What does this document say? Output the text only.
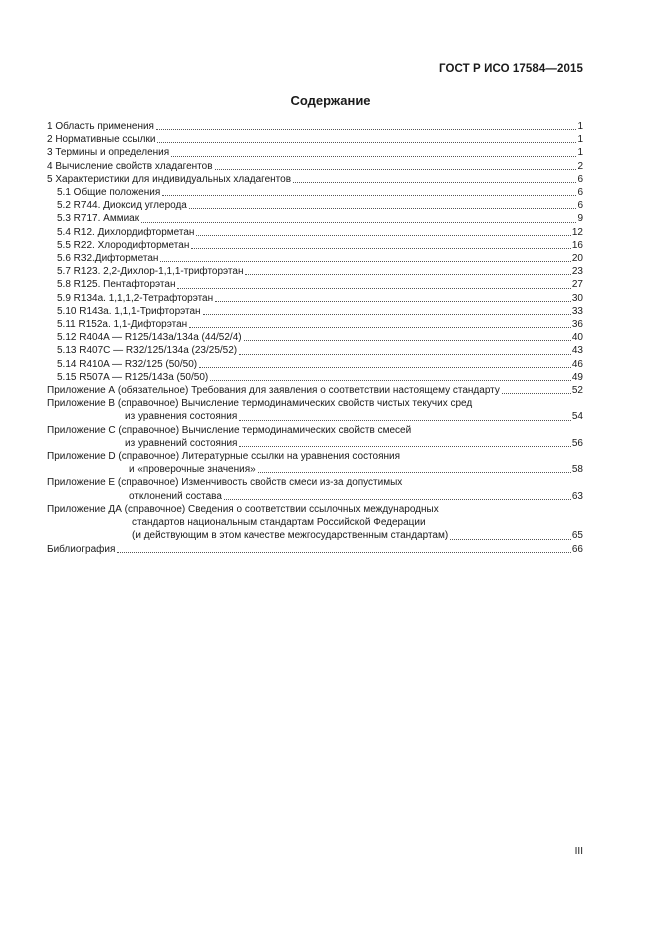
ГОСТ Р ИСО 17584—2015
Содержание
1 Область применения	1
2 Нормативные ссылки	1
3 Термины и определения	1
4 Вычисление свойств хладагентов	2
5 Характеристики для индивидуальных хладагентов	6
5.1 Общие положения	6
5.2 R744. Диоксид углерода	6
5.3 R717. Аммиак	9
5.4 R12. Дихлордифторметан	12
5.5 R22. Хлородифторметан	16
5.6 R32.Дифторметан	20
5.7 R123. 2,2-Дихлор-1,1,1-трифторэтан	23
5.8 R125. Пентафторэтан	27
5.9 R134a. 1,1,1,2-Тетрафторэтан	30
5.10 R143a. 1,1,1-Трифторэтан	33
5.11 R152a. 1,1-Дифторэтан	36
5.12 R404A — R125/143a/134a (44/52/4)	40
5.13 R407C — R32/125/134a (23/25/52)	43
5.14 R410A — R32/125 (50/50)	46
5.15 R507A — R125/143a (50/50)	49
Приложение А (обязательное) Требования для заявления о соответствии настоящему стандарту	52
Приложение В (справочное) Вычисление термодинамических свойств чистых текучих сред
из уравнения состояния	54
Приложение С (справочное) Вычисление термодинамических свойств смесей
из уравнений состояния	56
Приложение D (справочное) Литературные ссылки на уравнения состояния
и «проверочные значения»	58
Приложение Е (справочное) Изменчивость свойств смеси из-за допустимых
отклонений состава	63
Приложение ДА (справочное) Сведения о соответствии ссылочных международных
стандартов национальным стандартам Российской Федерации
(и действующим в этом качестве межгосударственным стандартам)	65
Библиография	66
III
